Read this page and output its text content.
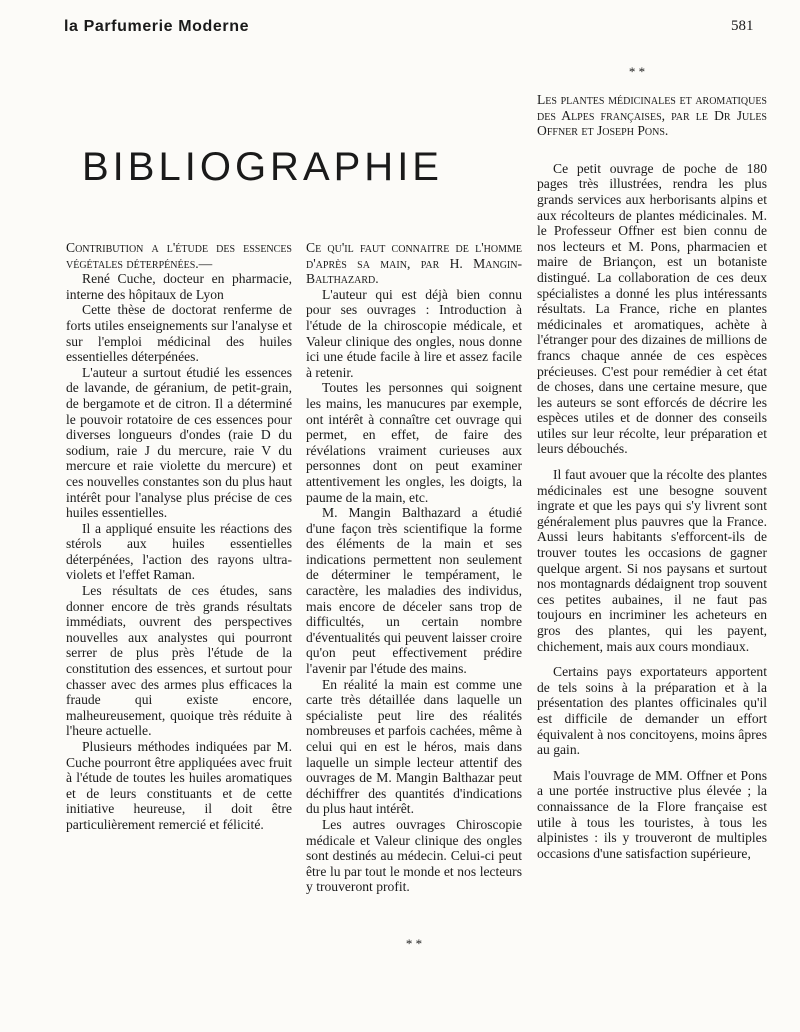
la Parfumerie Moderne	581
BIBLIOGRAPHIE

Contribution a l'étude des essences végétales déterpénées.—

René Cuche, docteur en pharmacie, interne des hôpitaux de Lyon

Cette thèse de doctorat renferme de forts utiles enseignements sur l'analyse et sur l'emploi médicinal des huiles essentielles déterpénées.

L'auteur a surtout étudié les essences de lavande, de géranium, de petit-grain, de bergamote et de citron. Il a déterminé le pouvoir rotatoire de ces essences pour diverses longueurs d'ondes (raie D du sodium, raie J du mercure, raie V du mercure et raie violette du mercure) et ces nouvelles constantes son du plus haut intérêt pour l'analyse plus précise de ces huiles essentielles.

Il a appliqué ensuite les réactions des stérols aux huiles essentielles déterpénées, l'action des rayons ultra-violets et l'effet Raman.

Les résultats de ces études, sans donner encore de très grands résultats immédiats, ouvrent des perspectives nouvelles aux analystes qui pourront serrer de plus près l'étude de la constitution des essences, et surtout pour chasser avec des armes plus efficaces la fraude qui existe encore, malheureusement, quoique très réduite à l'heure actuelle.

Plusieurs méthodes indiquées par M. Cuche pourront être appliquées avec fruit à l'étude de toutes les huiles aromatiques et de leurs constituants et de cette initiative heureuse, il doit être particulièrement remercié et félicité.

Ce qu'il faut connaitre de l'homme d'après sa main, par H. Mangin-Balthazard.

L'auteur qui est déjà bien connu pour ses ouvrages : Introduction à l'étude de la chiroscopie médicale, et Valeur clinique des ongles, nous donne ici une étude facile à lire et assez facile à retenir.

Toutes les personnes qui soignent les mains, les manucures par exemple, ont intérêt à connaître cet ouvrage qui permet, en effet, de faire des révélations vraiment curieuses aux personnes dont on peut examiner attentivement les ongles, les doigts, la paume de la main, etc.

M. Mangin Balthazard a étudié d'une façon très scientifique la forme des éléments de la main et ses indications permettent non seulement de déterminer le tempérament, le caractère, les maladies des individus, mais encore de déceler sans trop de difficultés, un certain nombre d'éventualités qui peuvent laisser croire qu'on peut effectivement prédire l'avenir par l'étude des mains.

En réalité la main est comme une carte très détaillée dans laquelle un spécialiste peut lire des réalités nombreuses et parfois cachées, même à celui qui en est le héros, mais dans laquelle un simple lecteur attentif des ouvrages de M. Mangin Balthazar peut déchiffrer des quantités d'indications du plus haut intérêt.

Les autres ouvrages Chiroscopie médicale et Valeur clinique des ongles sont destinés au médecin. Celui-ci peut être lu par tout le monde et nos lecteurs y trouveront profit.

* *
* *

Les plantes médicinales et aromatiques des Alpes françaises, par le Dr Jules Offner et Joseph Pons.

Ce petit ouvrage de poche de 180 pages très illustrées, rendra les plus grands services aux herborisants alpins et aux récolteurs de plantes médicinales. M. le Professeur Offner est bien connu de nos lecteurs et M. Pons, pharmacien et maire de Briançon, est un botaniste distingué. La collaboration de ces deux spécialistes a donné les plus intéressants résultats. La France, riche en plantes médicinales et aromatiques, achète à l'étranger pour des dizaines de millions de francs chaque année de ces espèces précieuses. C'est pour remédier à cet état de choses, dans une certaine mesure, que les auteurs se sont efforcés de décrire les espèces utiles et de donner des conseils utiles sur leur récolte, leur préparation et leurs débouchés.

Il faut avouer que la récolte des plantes médicinales est une besogne souvent ingrate et que les pays qui s'y livrent sont généralement plus pauvres que la France. Aussi leurs habitants s'efforcent-ils de trouver toutes les occasions de gagner quelque argent. Si nos paysans et surtout nos montagnards dédaignent trop souvent ces petites aubaines, il ne faut pas toujours en incriminer les acheteurs en gros des plantes, qui les payent, chichement, mais aux cours mondiaux.

Certains pays exportateurs apportent de tels soins à la préparation et à la présentation des plantes officinales qu'il est difficile de demander un effort équivalent à nos concitoyens, moins âpres au gain.

Mais l'ouvrage de MM. Offner et Pons a une portée instructive plus élevée ; la connaissance de la Flore française est utile à tous les touristes, à tous les alpinistes : ils y trouveront de multiples occasions d'une satisfaction supérieure,
